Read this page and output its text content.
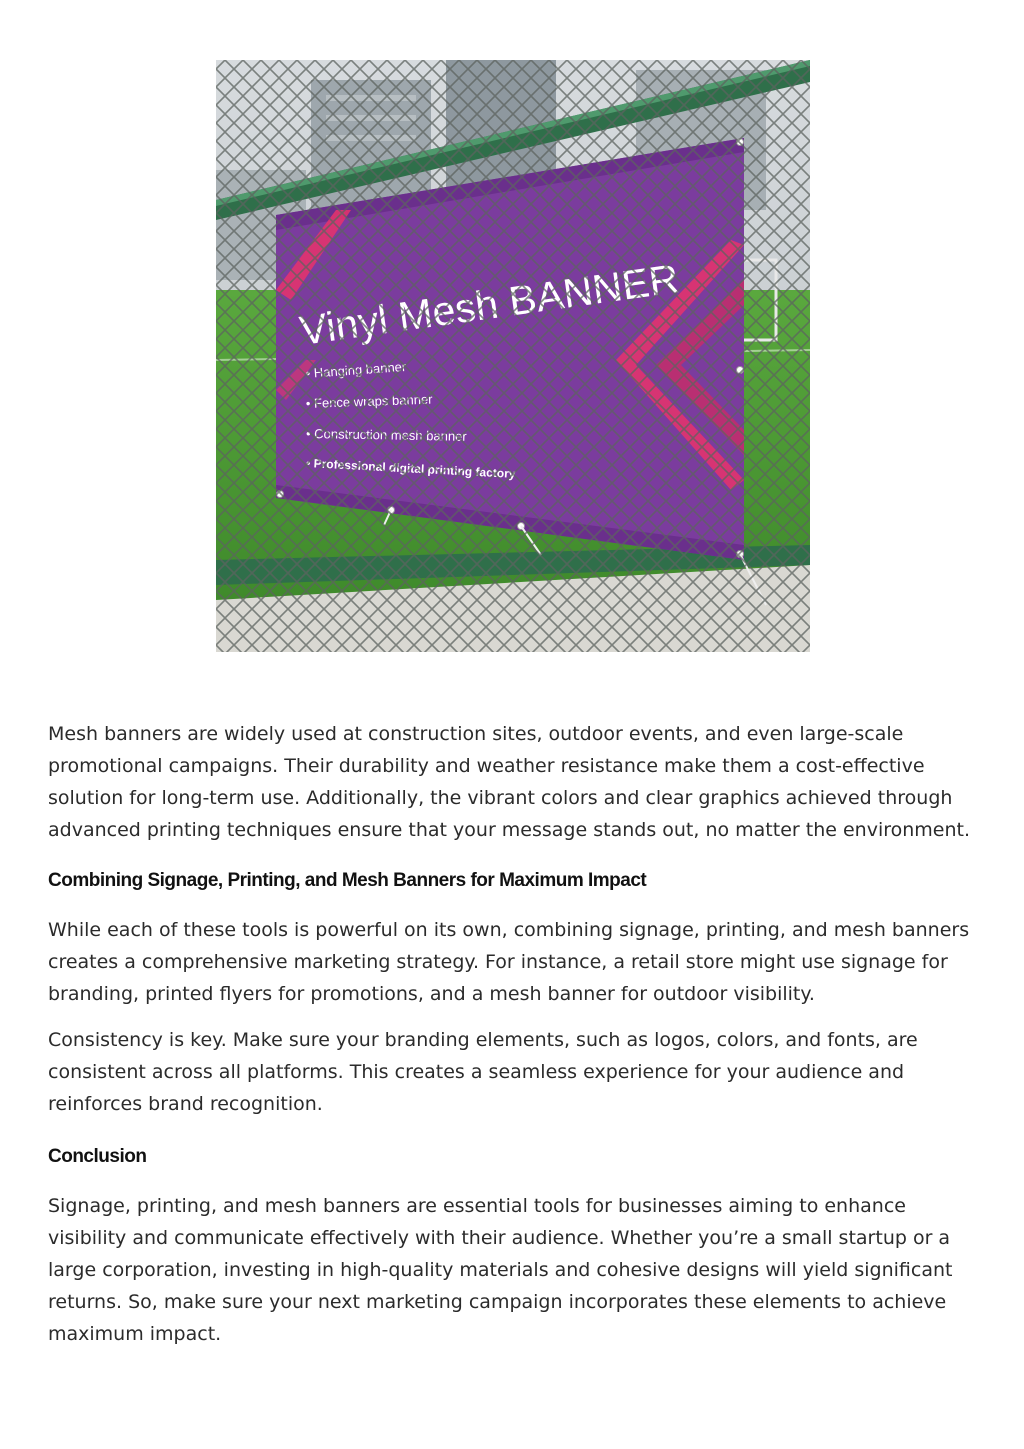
Mesh banners are widely used at construction sites, outdoor events, and even large-scale promotional campaigns. Their durability and weather resistance make them a cost-effective solution for long-term use. Additionally, the vibrant colors and clear graphics achieved through advanced printing techniques ensure that your message stands out, no matter the environment.

Combining Signage, Printing, and Mesh Banners for Maximum Impact

While each of these tools is powerful on its own, combining signage, printing, and mesh banners creates a comprehensive marketing strategy. For instance, a retail store might use signage for branding, printed flyers for promotions, and a mesh banner for outdoor visibility.

Consistency is key. Make sure your branding elements, such as logos, colors, and fonts, are consistent across all platforms. This creates a seamless experience for your audience and reinforces brand recognition.

Conclusion

Signage, printing, and mesh banners are essential tools for businesses aiming to enhance visibility and communicate effectively with their audience. Whether you’re a small startup or a large corporation, investing in high-quality materials and cohesive designs will yield significant returns. So, make sure your next marketing campaign incorporates these elements to achieve maximum impact.
